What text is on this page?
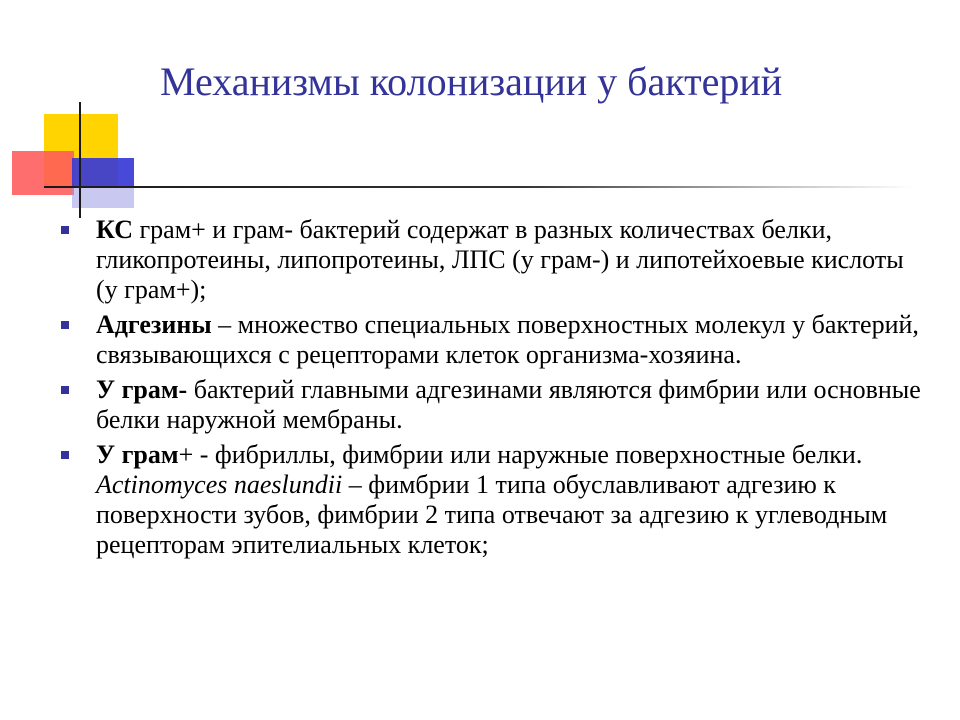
Механизмы колонизации у бактерий
КС грам+ и грам- бактерий содержат в разных количествах белки, гликопротеины, липопротеины, ЛПС (у грам-) и липотейхоевые кислоты (у грам+);
Адгезины – множество специальных поверхностных молекул у бактерий, связывающихся с рецепторами клеток организма-хозяина.
У грам- бактерий главными адгезинами являются фимбрии или основные белки наружной мембраны.
У грам+ - фибриллы, фимбрии или наружные поверхностные белки. Actinomyces naeslundii – фимбрии 1 типа обуславливают адгезию к поверхности зубов, фимбрии 2 типа отвечают за адгезию к углеводным рецепторам эпителиальных клеток;
